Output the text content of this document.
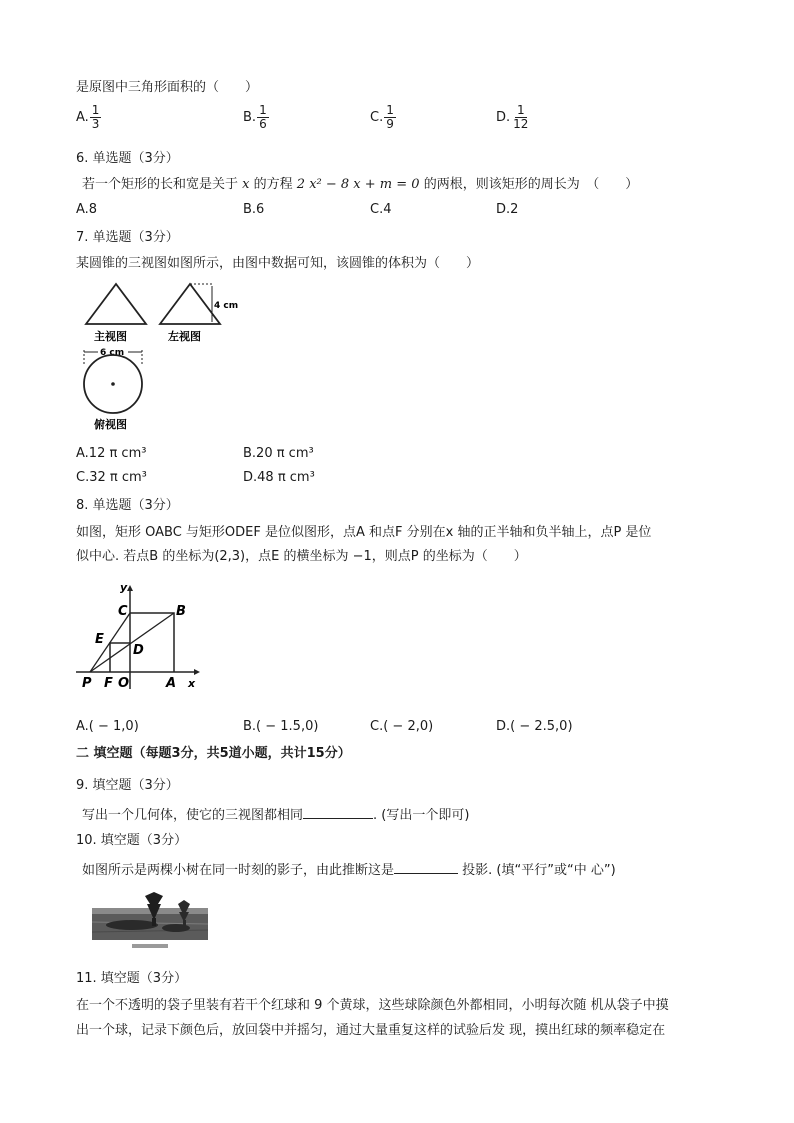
是原图中三角形面积的（　　）
A. $\frac{1}{3}$	B. $\frac{1}{6}$	C. $\frac{1}{9}$	D. $\frac{1}{12}$
6. 单选题（3分）
若一个矩形的长和宽是关于 x 的方程 2 x² − 8 x + m = 0 的两根，则该矩形的周长为　（　　）
A.8	B.6	C.4	D.2
7. 单选题（3分）
某圆锥的三视图如图所示，由图中数据可知，该圆锥的体积为（　　）
主视图
4 cm
左视图
6 cm
俯视图
A.12 π cm³	B.20 π cm³
C.32 π cm³	D.48 π cm³
8. 单选题（3分）
如图，矩形 OABC 与矩形ODEF 是位似图形，点A 和点F 分别在x 轴的正半轴和负半轴上，点P 是位
似中心. 若点B 的坐标为(2,3)，点E 的横坐标为 −1，则点P 的坐标为（　　）
y
x
C	B
E
D
P F O	A
A.( − 1,0)	B.( − 1.5,0)	C.( − 2,0)	D.( − 2.5,0)
二 填空题（每题3分，共5道小题，共计15分）
9. 填空题（3分）
写出一个几何体，使它的三视图都相同	. (写出一个即可)
10. 填空题（3分）
如图所示是两棵小树在同一时刻的影子，由此推断这是	投影. (填“平行”或“中 心”)
11. 填空题（3分）
在一个不透明的袋子里装有若干个红球和 9 个黄球，这些球除颜色外都相同，小明每次随 机从袋子中摸
出一个球，记录下颜色后，放回袋中并摇匀，通过大量重复这样的试验后发 现，摸出红球的频率稳定在
